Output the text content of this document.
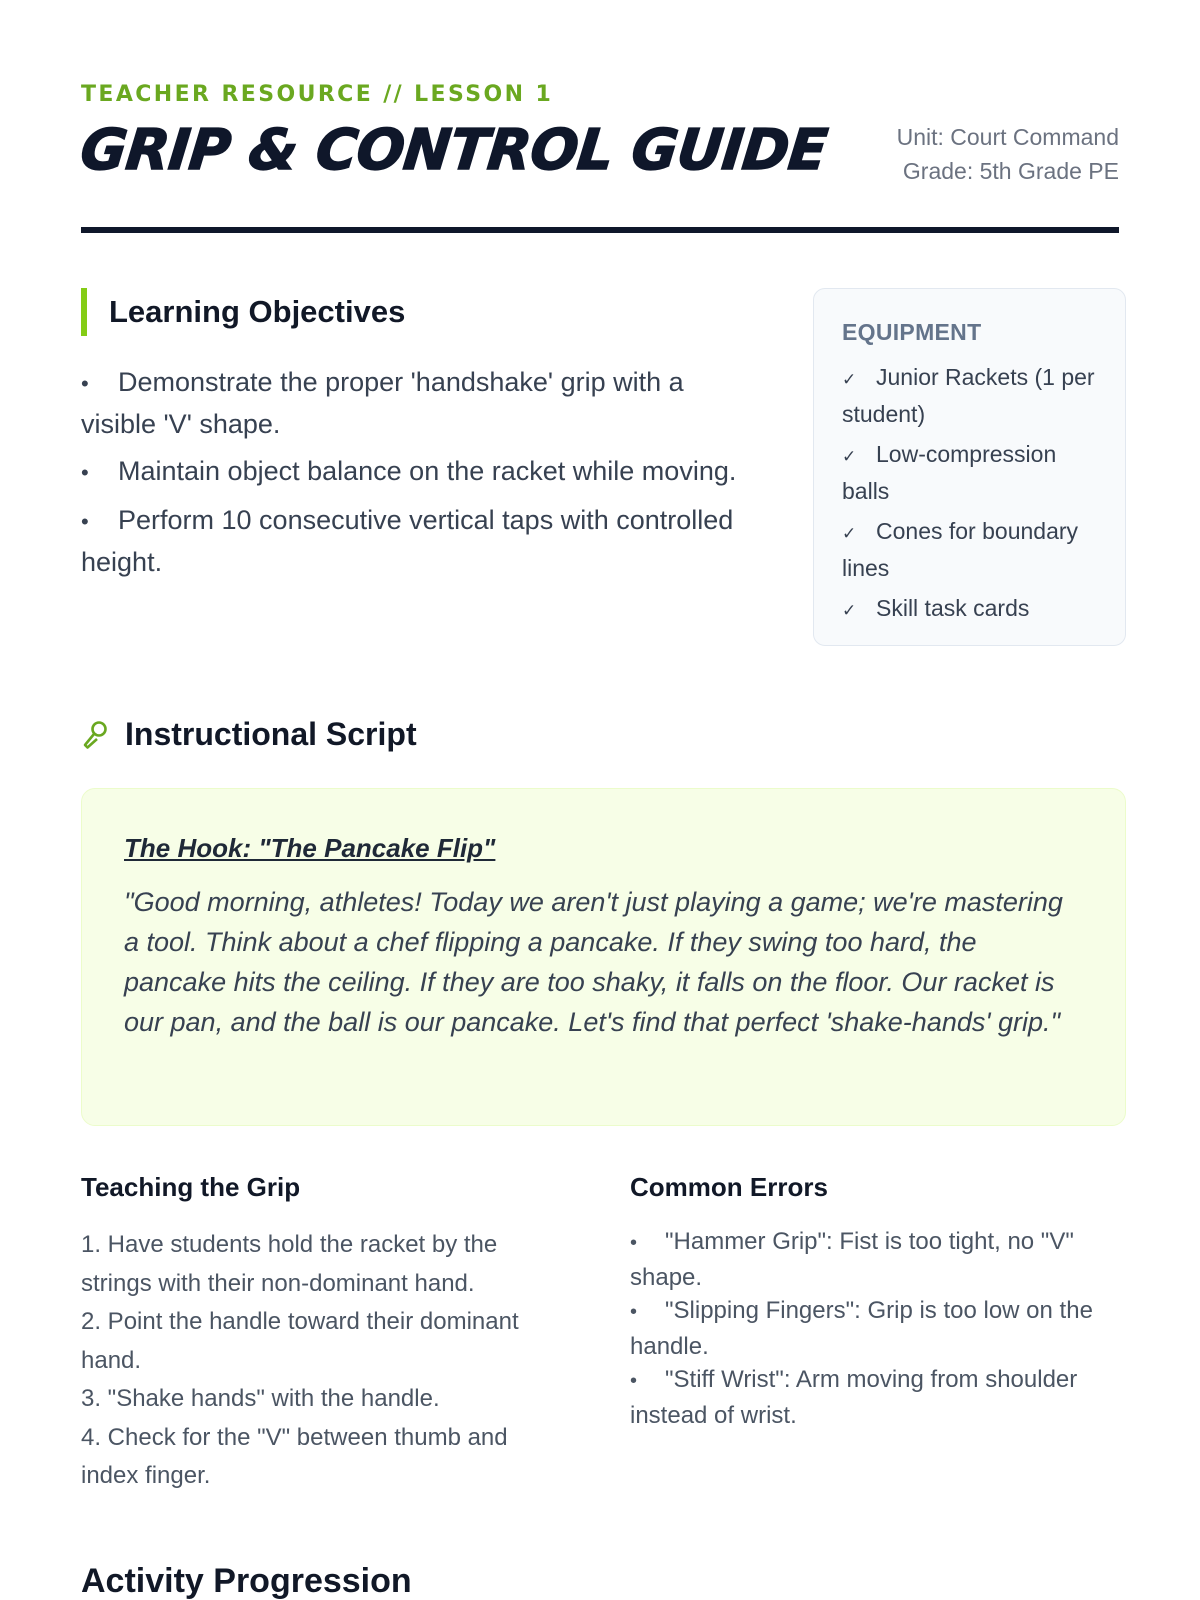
TEACHER RESOURCE // LESSON 1
GRIP & CONTROL GUIDE	Unit: Court Command
Grade: 5th Grade PE
Learning Objectives
• Demonstrate the proper 'handshake' grip with a visible 'V' shape.
• Maintain object balance on the racket while moving.
• Perform 10 consecutive vertical taps with controlled height.
EQUIPMENT
✓ Junior Rackets (1 per student)
✓ Low-compression balls
✓ Cones for boundary lines
✓ Skill task cards
Instructional Script
The Hook: "The Pancake Flip"
"Good morning, athletes! Today we aren't just playing a game; we're mastering a tool. Think about a chef flipping a pancake. If they swing too hard, the pancake hits the ceiling. If they are too shaky, it falls on the floor. Our racket is our pan, and the ball is our pancake. Let's find that perfect 'shake-hands' grip."
Teaching the Grip
1. Have students hold the racket by the strings with their non-dominant hand.
2. Point the handle toward their dominant hand.
3. "Shake hands" with the handle.
4. Check for the "V" between thumb and index finger.
Common Errors
• "Hammer Grip": Fist is too tight, no "V" shape.
• "Slipping Fingers": Grip is too low on the handle.
• "Stiff Wrist": Arm moving from shoulder instead of wrist.
Activity Progression
